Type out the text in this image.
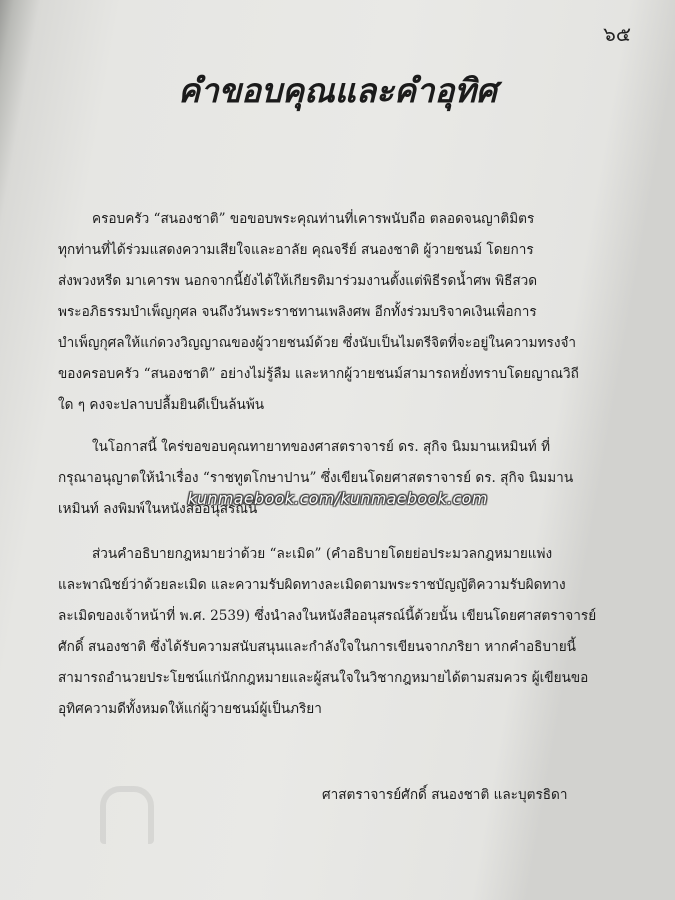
๖๕
คำขอบคุณและคำอุทิศ
ครอบครัว “สนองชาติ” ขอขอบพระคุณท่านที่เคารพนับถือ ตลอดจนญาติมิตร
ทุกท่านที่ได้ร่วมแสดงความเสียใจและอาลัย คุณจรีย์ สนองชาติ ผู้วายชนม์ โดยการ
ส่งพวงหรีด มาเคารพ นอกจากนี้ยังได้ให้เกียรติมาร่วมงานตั้งแต่พิธีรดน้ำศพ พิธีสวด
พระอภิธรรมบำเพ็ญกุศล จนถึงวันพระราชทานเพลิงศพ อีกทั้งร่วมบริจาคเงินเพื่อการ
บำเพ็ญกุศลให้แก่ดวงวิญญาณของผู้วายชนม์ด้วย ซึ่งนับเป็นไมตรีจิตที่จะอยู่ในความทรงจำ
ของครอบครัว “สนองชาติ” อย่างไม่รู้ลืม และหากผู้วายชนม์สามารถหยั่งทราบโดยญาณวิถี
ใด ๆ คงจะปลาบปลื้มยินดีเป็นล้นพ้น
ในโอกาสนี้ ใคร่ขอขอบคุณทายาทของศาสตราจารย์ ดร. สุกิจ นิมมานเหมินท์ ที่
กรุณาอนุญาตให้นำเรื่อง “ราชทูตโกษาปาน” ซึ่งเขียนโดยศาสตราจารย์ ดร. สุกิจ นิมมาน
เหมินท์ ลงพิมพ์ในหนังสืออนุสรณ์นี้
kunmaebook.com/kunmaebook.com
ส่วนคำอธิบายกฎหมายว่าด้วย “ละเมิด” (คำอธิบายโดยย่อประมวลกฎหมายแพ่ง
และพาณิชย์ว่าด้วยละเมิด และความรับผิดทางละเมิดตามพระราชบัญญัติความรับผิดทาง
ละเมิดของเจ้าหน้าที่ พ.ศ. 2539) ซึ่งนำลงในหนังสืออนุสรณ์นี้ด้วยนั้น เขียนโดยศาสตราจารย์
ศักดิ์ สนองชาติ ซึ่งได้รับความสนับสนุนและกำลังใจในการเขียนจากภริยา หากคำอธิบายนี้
สามารถอำนวยประโยชน์แก่นักกฎหมายและผู้สนใจในวิชากฎหมายได้ตามสมควร ผู้เขียนขอ
อุทิศความดีทั้งหมดให้แก่ผู้วายชนม์ผู้เป็นภริยา
ศาสตราจารย์ศักดิ์ สนองชาติ และบุตรธิดา
